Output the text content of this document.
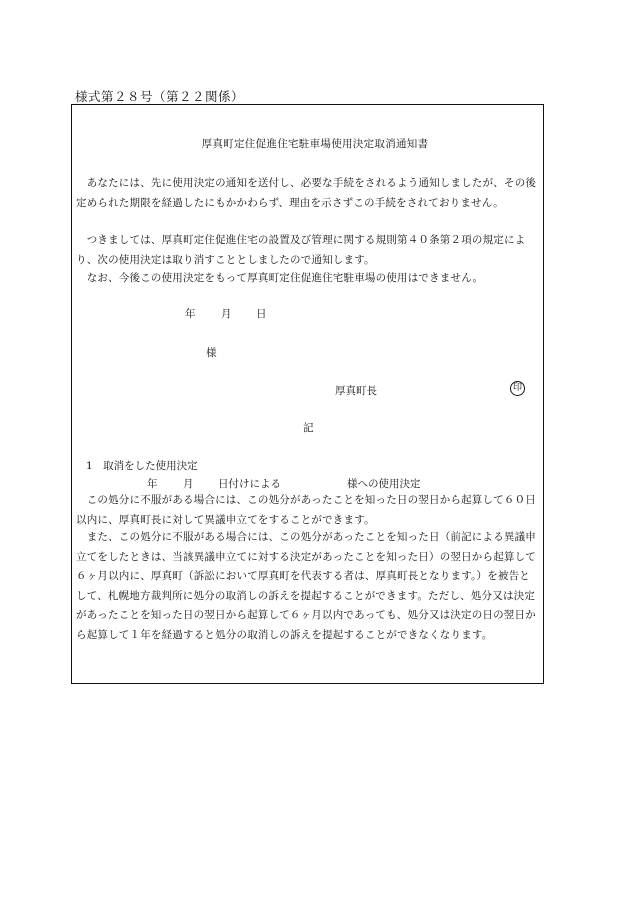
様式第２８号（第２２関係）
厚真町定住促進住宅駐車場使用決定取消通知書

　あなたには、先に使用決定の通知を送付し、必要な手続をされるよう通知しましたが、その後定められた期限を経過したにもかかわらず、理由を示さずこの手続をされておりません。

　つきましては、厚真町定住促進住宅の設置及び管理に関する規則第４０条第２項の規定により、次の使用決定は取り消すこととしましたので通知します。

　なお、今後この使用決定をもって厚真町定住促進住宅駐車場の使用はできません。

年 月 日
様
厚真町長	印
記
1　取消をした使用決定
年 月 日付けによる	様への使用決定

　この処分に不服がある場合には、この処分があったことを知った日の翌日から起算して６０日以内に、厚真町長に対して異議申立てをすることができます。

　また、この処分に不服がある場合には、この処分があったことを知った日（前記による異議申立てをしたときは、当該異議申立てに対する決定があったことを知った日）の翌日から起算して６ヶ月以内に、厚真町（訴訟において厚真町を代表する者は、厚真町長となります。）を被告として、札幌地方裁判所に処分の取消しの訴えを提起することができます。ただし、処分又は決定があったことを知った日の翌日から起算して６ヶ月以内であっても、処分又は決定の日の翌日から起算して１年を経過すると処分の取消しの訴えを提起することができなくなります。
